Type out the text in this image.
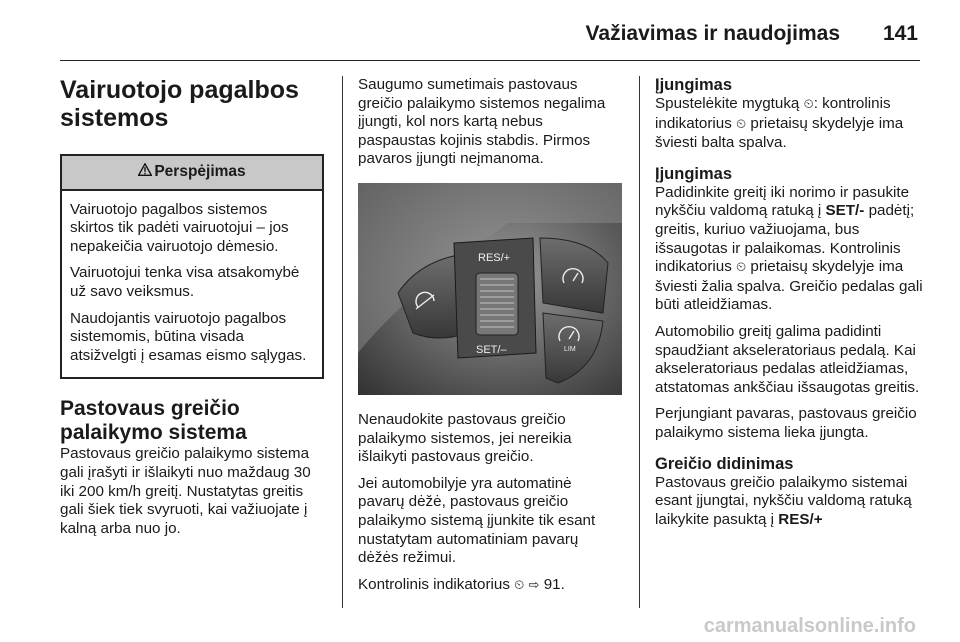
Važiavimas ir naudojimas 141
Vairuotojo pagalbos sistemos
Perspėjimas

Vairuotojo pagalbos sistemos skirtos tik padėti vairuotojui – jos nepakeičia vairuotojo dėmesio.

Vairuotojui tenka visa atsakomybė už savo veiksmus.

Naudojantis vairuotojo pagalbos sistemomis, būtina visada atsižvelgti į esamas eismo sąlygas.

Pastovaus greičio palaikymo sistema

Pastovaus greičio palaikymo sistema gali įrašyti ir išlaikyti nuo maždaug 30 iki 200 km/h greitį. Nustatytas greitis gali šiek tiek svyruoti, kai važiuojate į kalną arba nuo jo.

Saugumo sumetimais pastovaus greičio palaikymo sistemos negalima įjungti, kol nors kartą nebus paspaustas kojinis stabdis. Pirmos pavaros įjungti neįmanoma.

RES/+
SET/–	LIM

Nenaudokite pastovaus greičio palaikymo sistemos, jei nereikia išlaikyti pastovaus greičio.

Jei automobilyje yra automatinė pavarų dėžė, pastovaus greičio palaikymo sistemą įjunkite tik esant nustatytam automatiniam pavarų dėžės režimui.

Kontrolinis indikatorius ⏲ ⇨ 91.

Įjungimas

Spustelėkite mygtuką ⏲: kontrolinis indikatorius ⏲ prietaisų skydelyje ima šviesti balta spalva.

Įjungimas

Padidinkite greitį iki norimo ir pasukite nykščiu valdomą ratuką į SET/- padėtį; greitis, kuriuo važiuojama, bus išsaugotas ir palaikomas. Kontrolinis indikatorius ⏲ prietaisų skydelyje ima šviesti žalia spalva. Greičio pedalas gali būti atleidžiamas.

Automobilio greitį galima padidinti spaudžiant akseleratoriaus pedalą. Kai akseleratoriaus pedalas atleidžiamas, atstatomas ankščiau išsaugotas greitis.

Perjungiant pavaras, pastovaus greičio palaikymo sistema lieka įjungta.

Greičio didinimas

Pastovaus greičio palaikymo sistemai esant įjungtai, nykščiu valdomą ratuką laikykite pasuktą į RES/+

carmanualsonline.info
